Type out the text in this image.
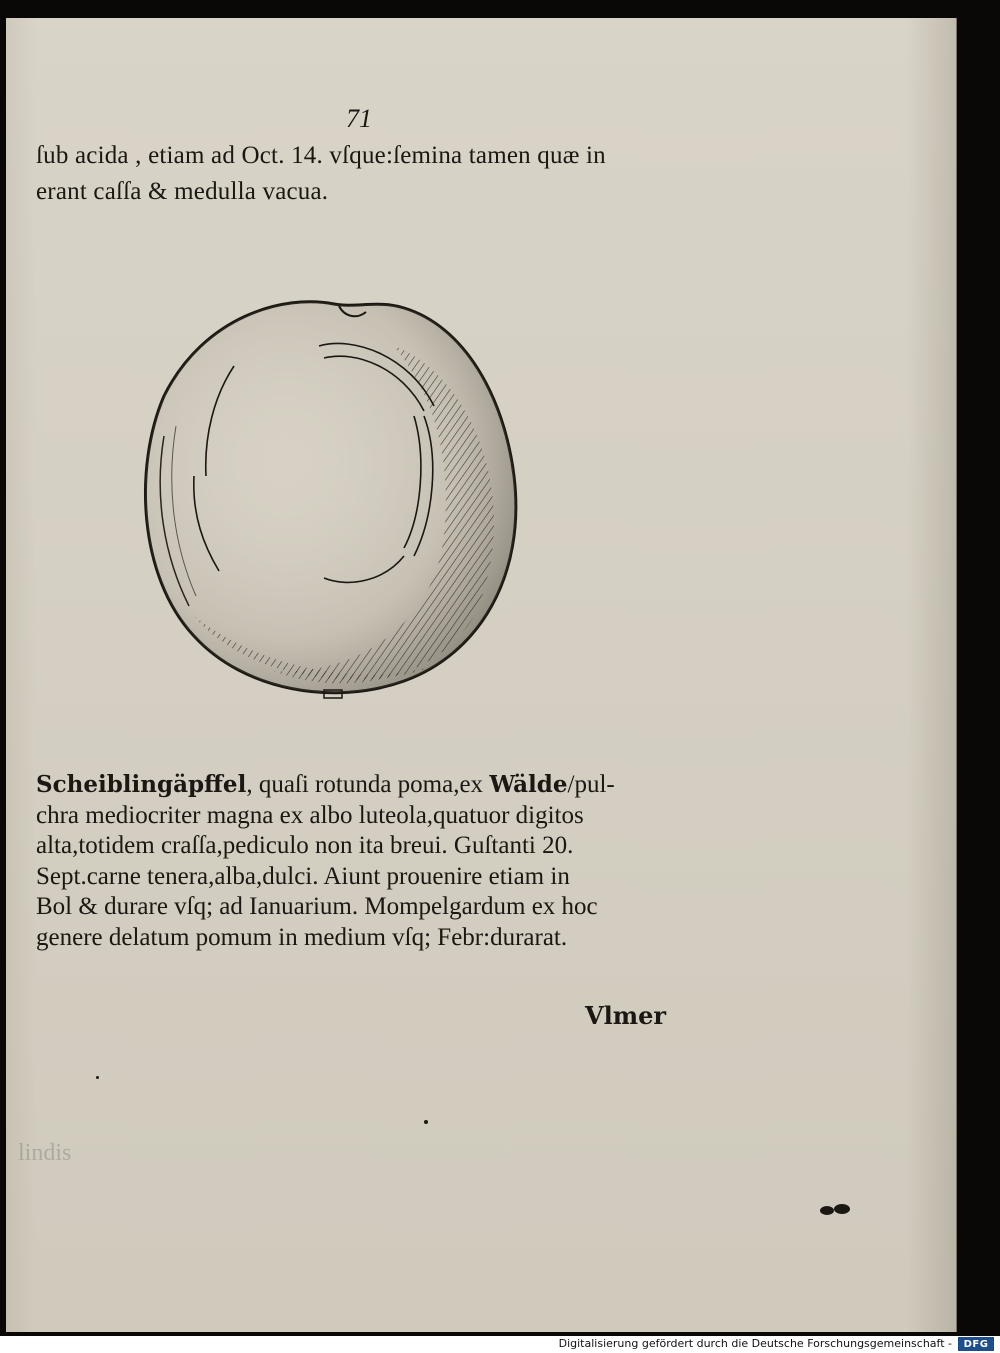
71

ſub acida , etiam ad Oct. 14. vſque:ſemina tamen quæ in
erant caſſa & medulla vacua.

Scheiblingäpffel, quaſi rotunda poma,ex Wälde/pul-
chra mediocriter magna ex albo luteola,quatuor digitos
alta,totidem craſſa,pediculo non ita breui. Guſtanti 20.
Sept.carne tenera,alba,dulci. Aiunt prouenire etiam in
Bol & durare vſq; ad Ianuarium. Mompelgardum ex hoc
genere delatum pomum in medium vſq; Febr:durarat.

Vlmer

lindis
Digitalisierung gefördert durch die Deutsche Forschungsgemeinschaft -	DFG
